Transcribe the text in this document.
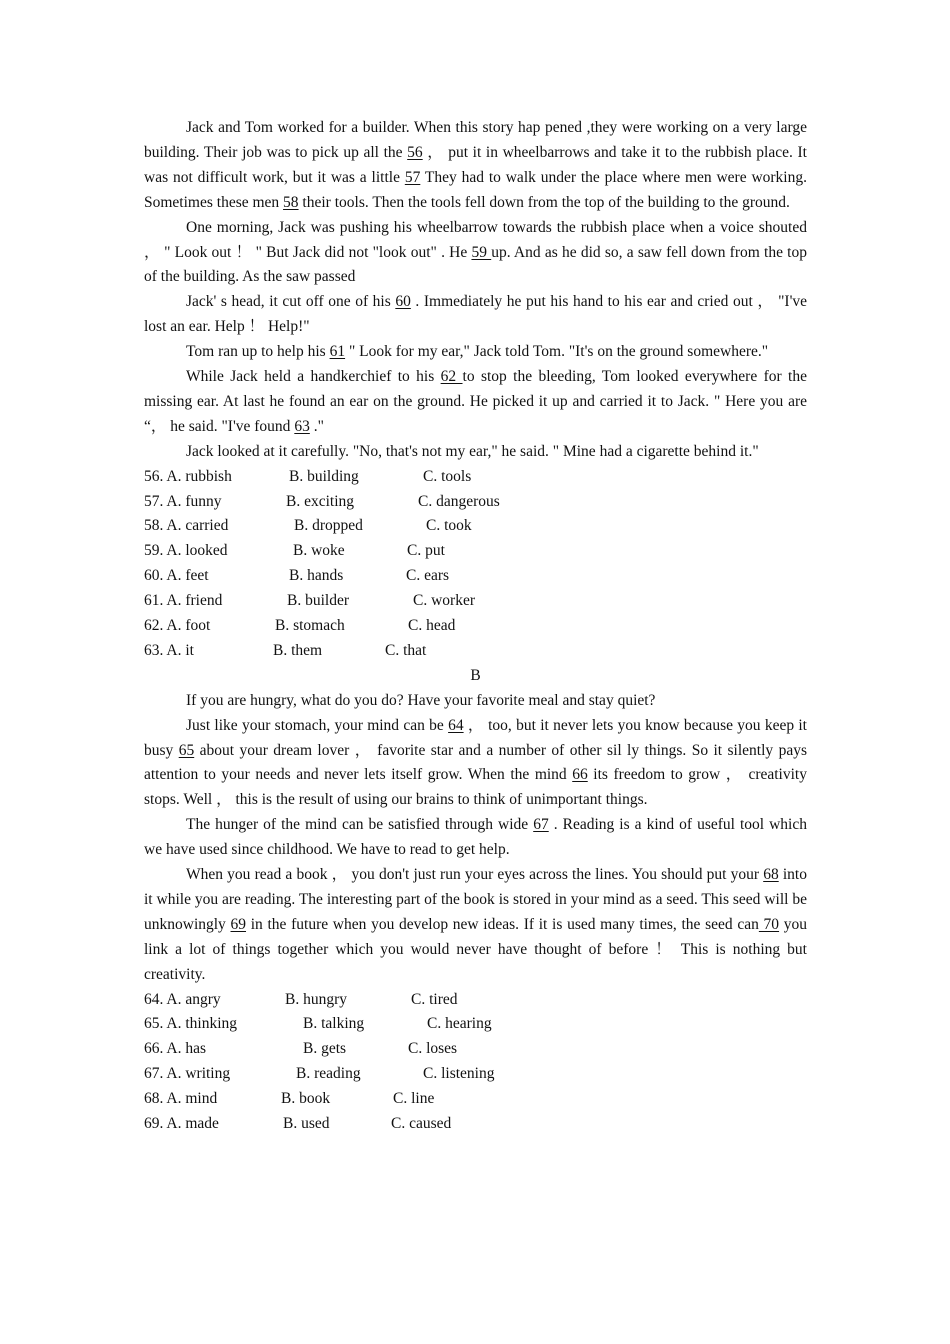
Jack and Tom worked for a builder. When this story hap pened ,they were working on a very large building. Their job was to pick up all the 56 ， put it in wheelbarrows and take it to the rubbish place. It was not difficult work, but it was a little 57 They had to walk under the place where men were working. Sometimes these men 58 their tools. Then the tools fell down from the top of the building to the ground.

One morning, Jack was pushing his wheelbarrow towards the rubbish place when a voice shouted ， " Look out ！ " But Jack did not "look out" . He 59 up. And as he did so, a saw fell down from the top of the building. As the saw passed

Jack' s head, it cut off one of his 60 . Immediately he put his hand to his ear and cried out ， "I've lost an ear. Help ！ Help!"

Tom ran up to help his 61 " Look for my ear," Jack told Tom. "It's on the ground somewhere."

While Jack held a handkerchief to his 62 to stop the bleeding, Tom looked everywhere for the missing ear. At last he found an ear on the ground. He picked it up and carried it to Jack. " Here you are “， he said. "I've found 63 ."

Jack looked at it carefully. "No, that's not my ear," he said. " Mine had a cigarette behind it."

56. A. rubbish	B. building	C. tools
57. A. funny	B. exciting	C. dangerous
58. A. carried	B. dropped	C. took
59. A. looked	B. woke	C. put
60. A. feet	B. hands	C. ears
61. A. friend	B. builder	C. worker
62. A. foot	B. stomach	C. head
63. A. it	B. them	C. that

B

If you are hungry, what do you do? Have your favorite meal and stay quiet?

Just like your stomach, your mind can be 64 ， too, but it never lets you know because you keep it busy 65 about your dream lover ， favorite star and a number of other sil ly things. So it silently pays attention to your needs and never lets itself grow. When the mind 66 its freedom to grow ， creativity stops. Well ， this is the result of using our brains to think of unimportant things.

The hunger of the mind can be satisfied through wide 67 . Reading is a kind of useful tool which we have used since childhood. We have to read to get help.

When you read a book ， you don't just run your eyes across the lines. You should put your 68 into it while you are reading. The interesting part of the book is stored in your mind as a seed. This seed will be unknowingly 69 in the future when you develop new ideas. If it is used many times, the seed can 70 you link a lot of things together which you would never have thought of before ！ This is nothing but creativity.

64. A. angry	B. hungry	C. tired
65. A. thinking	B. talking	C. hearing
66. A. has	B. gets	C. loses
67. A. writing	B. reading	C. listening
68. A. mind	B. book	C. line
69. A. made	B. used	C. caused
